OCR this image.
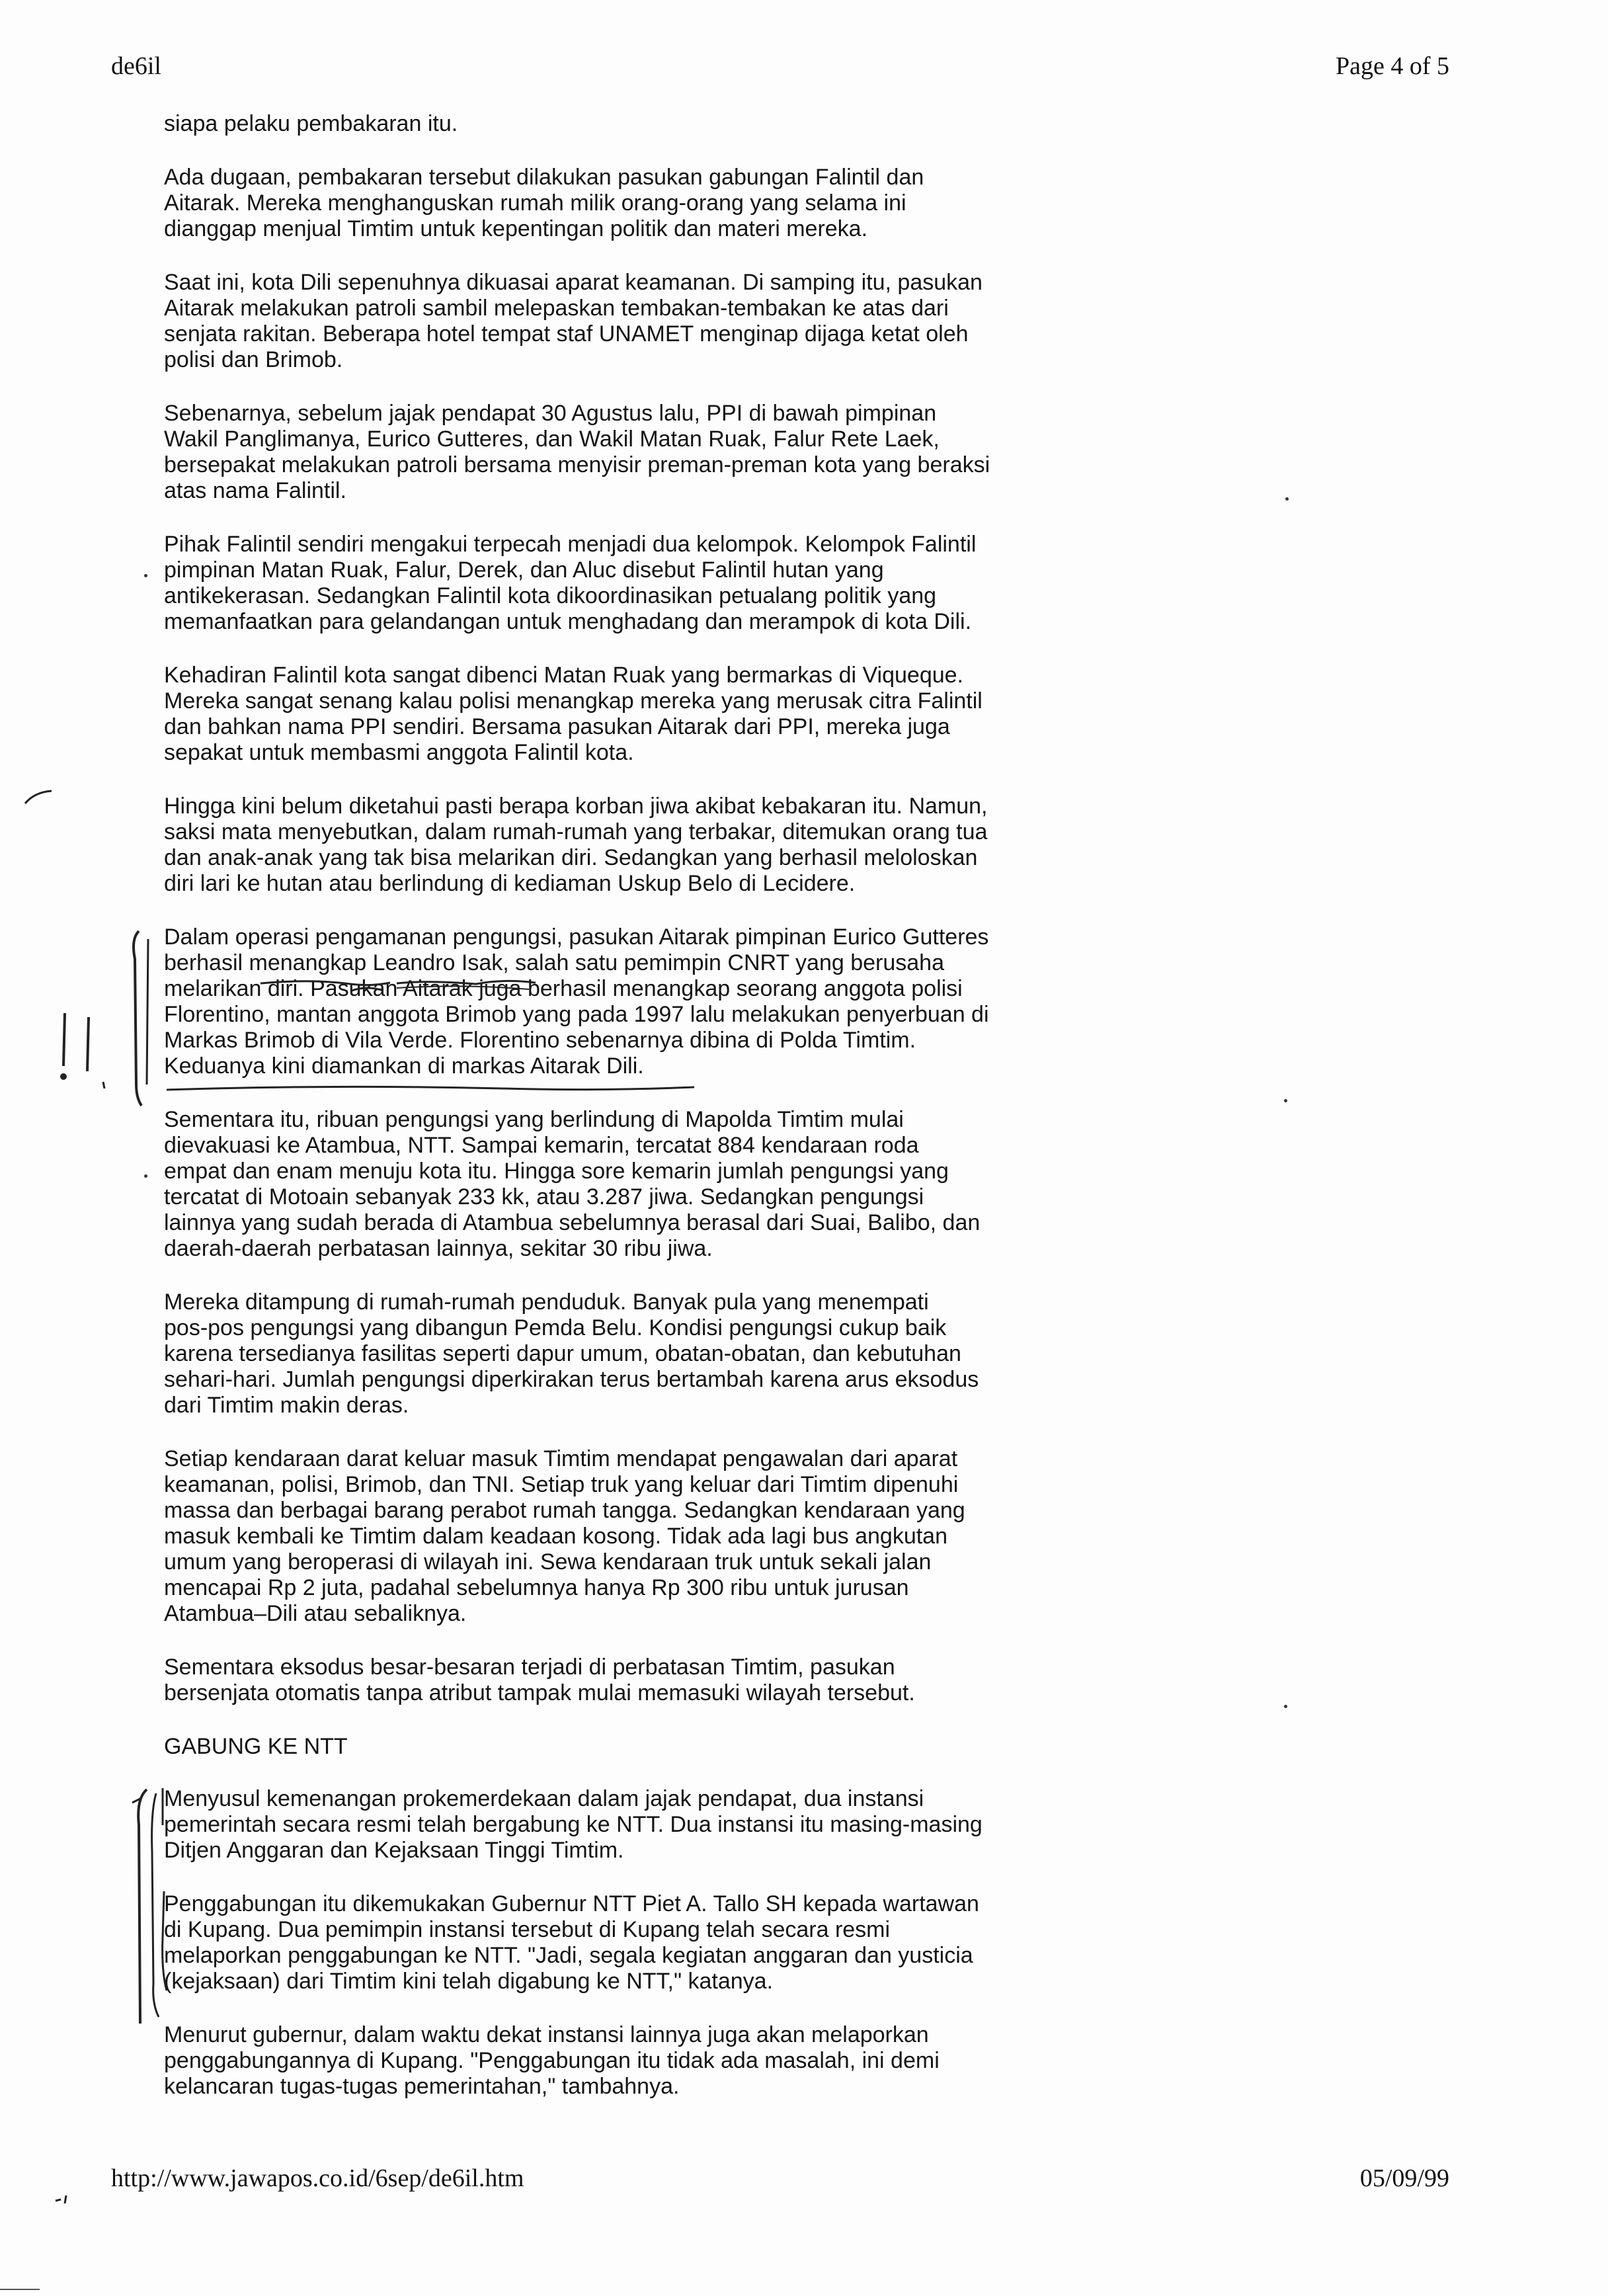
de6il	Page 4 of 5

siapa pelaku pembakaran itu.

Ada dugaan, pembakaran tersebut dilakukan pasukan gabungan Falintil dan
Aitarak. Mereka menghanguskan rumah milik orang-orang yang selama ini
dianggap menjual Timtim untuk kepentingan politik dan materi mereka.

Saat ini, kota Dili sepenuhnya dikuasai aparat keamanan. Di samping itu, pasukan
Aitarak melakukan patroli sambil melepaskan tembakan-tembakan ke atas dari
senjata rakitan. Beberapa hotel tempat staf UNAMET menginap dijaga ketat oleh
polisi dan Brimob.

Sebenarnya, sebelum jajak pendapat 30 Agustus lalu, PPI di bawah pimpinan
Wakil Panglimanya, Eurico Gutteres, dan Wakil Matan Ruak, Falur Rete Laek,
bersepakat melakukan patroli bersama menyisir preman-preman kota yang beraksi
atas nama Falintil.

Pihak Falintil sendiri mengakui terpecah menjadi dua kelompok. Kelompok Falintil
pimpinan Matan Ruak, Falur, Derek, dan Aluc disebut Falintil hutan yang
antikekerasan. Sedangkan Falintil kota dikoordinasikan petualang politik yang
memanfaatkan para gelandangan untuk menghadang dan merampok di kota Dili.

Kehadiran Falintil kota sangat dibenci Matan Ruak yang bermarkas di Viqueque.
Mereka sangat senang kalau polisi menangkap mereka yang merusak citra Falintil
dan bahkan nama PPI sendiri. Bersama pasukan Aitarak dari PPI, mereka juga
sepakat untuk membasmi anggota Falintil kota.

Hingga kini belum diketahui pasti berapa korban jiwa akibat kebakaran itu. Namun,
saksi mata menyebutkan, dalam rumah-rumah yang terbakar, ditemukan orang tua
dan anak-anak yang tak bisa melarikan diri. Sedangkan yang berhasil meloloskan
diri lari ke hutan atau berlindung di kediaman Uskup Belo di Lecidere.

Dalam operasi pengamanan pengungsi, pasukan Aitarak pimpinan Eurico Gutteres
berhasil menangkap Leandro Isak, salah satu pemimpin CNRT yang berusaha
melarikan diri. Pasukan Aitarak juga berhasil menangkap seorang anggota polisi
Florentino, mantan anggota Brimob yang pada 1997 lalu melakukan penyerbuan di
Markas Brimob di Vila Verde. Florentino sebenarnya dibina di Polda Timtim.
Keduanya kini diamankan di markas Aitarak Dili.

Sementara itu, ribuan pengungsi yang berlindung di Mapolda Timtim mulai
dievakuasi ke Atambua, NTT. Sampai kemarin, tercatat 884 kendaraan roda
empat dan enam menuju kota itu. Hingga sore kemarin jumlah pengungsi yang
tercatat di Motoain sebanyak 233 kk, atau 3.287 jiwa. Sedangkan pengungsi
lainnya yang sudah berada di Atambua sebelumnya berasal dari Suai, Balibo, dan
daerah-daerah perbatasan lainnya, sekitar 30 ribu jiwa.

Mereka ditampung di rumah-rumah penduduk. Banyak pula yang menempati
pos-pos pengungsi yang dibangun Pemda Belu. Kondisi pengungsi cukup baik
karena tersedianya fasilitas seperti dapur umum, obatan-obatan, dan kebutuhan
sehari-hari. Jumlah pengungsi diperkirakan terus bertambah karena arus eksodus
dari Timtim makin deras.

Setiap kendaraan darat keluar masuk Timtim mendapat pengawalan dari aparat
keamanan, polisi, Brimob, dan TNI. Setiap truk yang keluar dari Timtim dipenuhi
massa dan berbagai barang perabot rumah tangga. Sedangkan kendaraan yang
masuk kembali ke Timtim dalam keadaan kosong. Tidak ada lagi bus angkutan
umum yang beroperasi di wilayah ini. Sewa kendaraan truk untuk sekali jalan
mencapai Rp 2 juta, padahal sebelumnya hanya Rp 300 ribu untuk jurusan
Atambua–Dili atau sebaliknya.

Sementara eksodus besar-besaran terjadi di perbatasan Timtim, pasukan
bersenjata otomatis tanpa atribut tampak mulai memasuki wilayah tersebut.

GABUNG KE NTT

Menyusul kemenangan prokemerdekaan dalam jajak pendapat, dua instansi
pemerintah secara resmi telah bergabung ke NTT. Dua instansi itu masing-masing
Ditjen Anggaran dan Kejaksaan Tinggi Timtim.

Penggabungan itu dikemukakan Gubernur NTT Piet A. Tallo SH kepada wartawan
di Kupang. Dua pemimpin instansi tersebut di Kupang telah secara resmi
melaporkan penggabungan ke NTT. "Jadi, segala kegiatan anggaran dan yusticia
(kejaksaan) dari Timtim kini telah digabung ke NTT," katanya.

Menurut gubernur, dalam waktu dekat instansi lainnya juga akan melaporkan
penggabungannya di Kupang. "Penggabungan itu tidak ada masalah, ini demi
kelancaran tugas-tugas pemerintahan," tambahnya.

http://www.jawapos.co.id/6sep/de6il.htm	05/09/99
